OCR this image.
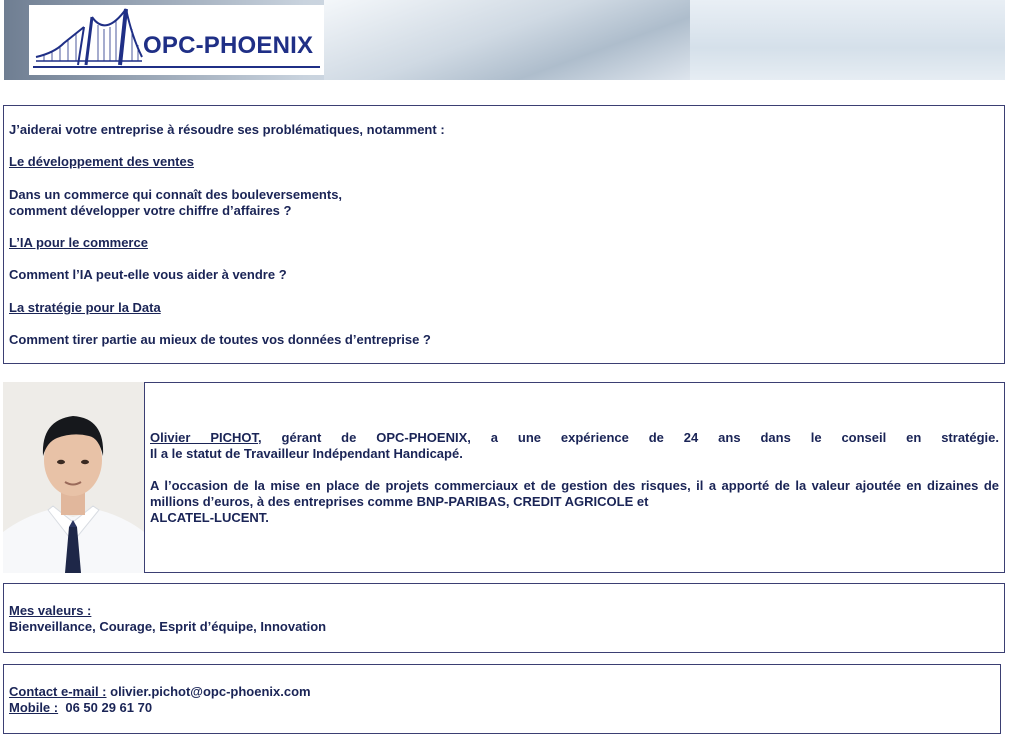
OPC-PHOENIX
J’aiderai votre entreprise à résoudre ses problématiques, notamment :
Le développement des ventes
Dans un commerce qui connaît des bouleversements,
comment développer votre chiffre d’affaires ?
L’IA pour le commerce
Comment l’IA peut-elle vous aider à vendre ?
La stratégie pour la Data
Comment tirer partie au mieux de toutes vos données d’entreprise ?
Olivier PICHOT, gérant de OPC-PHOENIX, a une expérience de 24 ans dans le conseil en stratégie.
Il a le statut de Travailleur Indépendant Handicapé.
A l’occasion de la mise en place de projets commerciaux et de gestion des risques, il a apporté de la valeur ajoutée en dizaines de
millions d’euros, à des entreprises comme BNP-PARIBAS, CREDIT AGRICOLE et
ALCATEL-LUCENT.
Mes valeurs :
Bienveillance, Courage, Esprit d’équipe, Innovation
Contact e-mail : olivier.pichot@opc-phoenix.com
Mobile :  06 50 29 61 70
